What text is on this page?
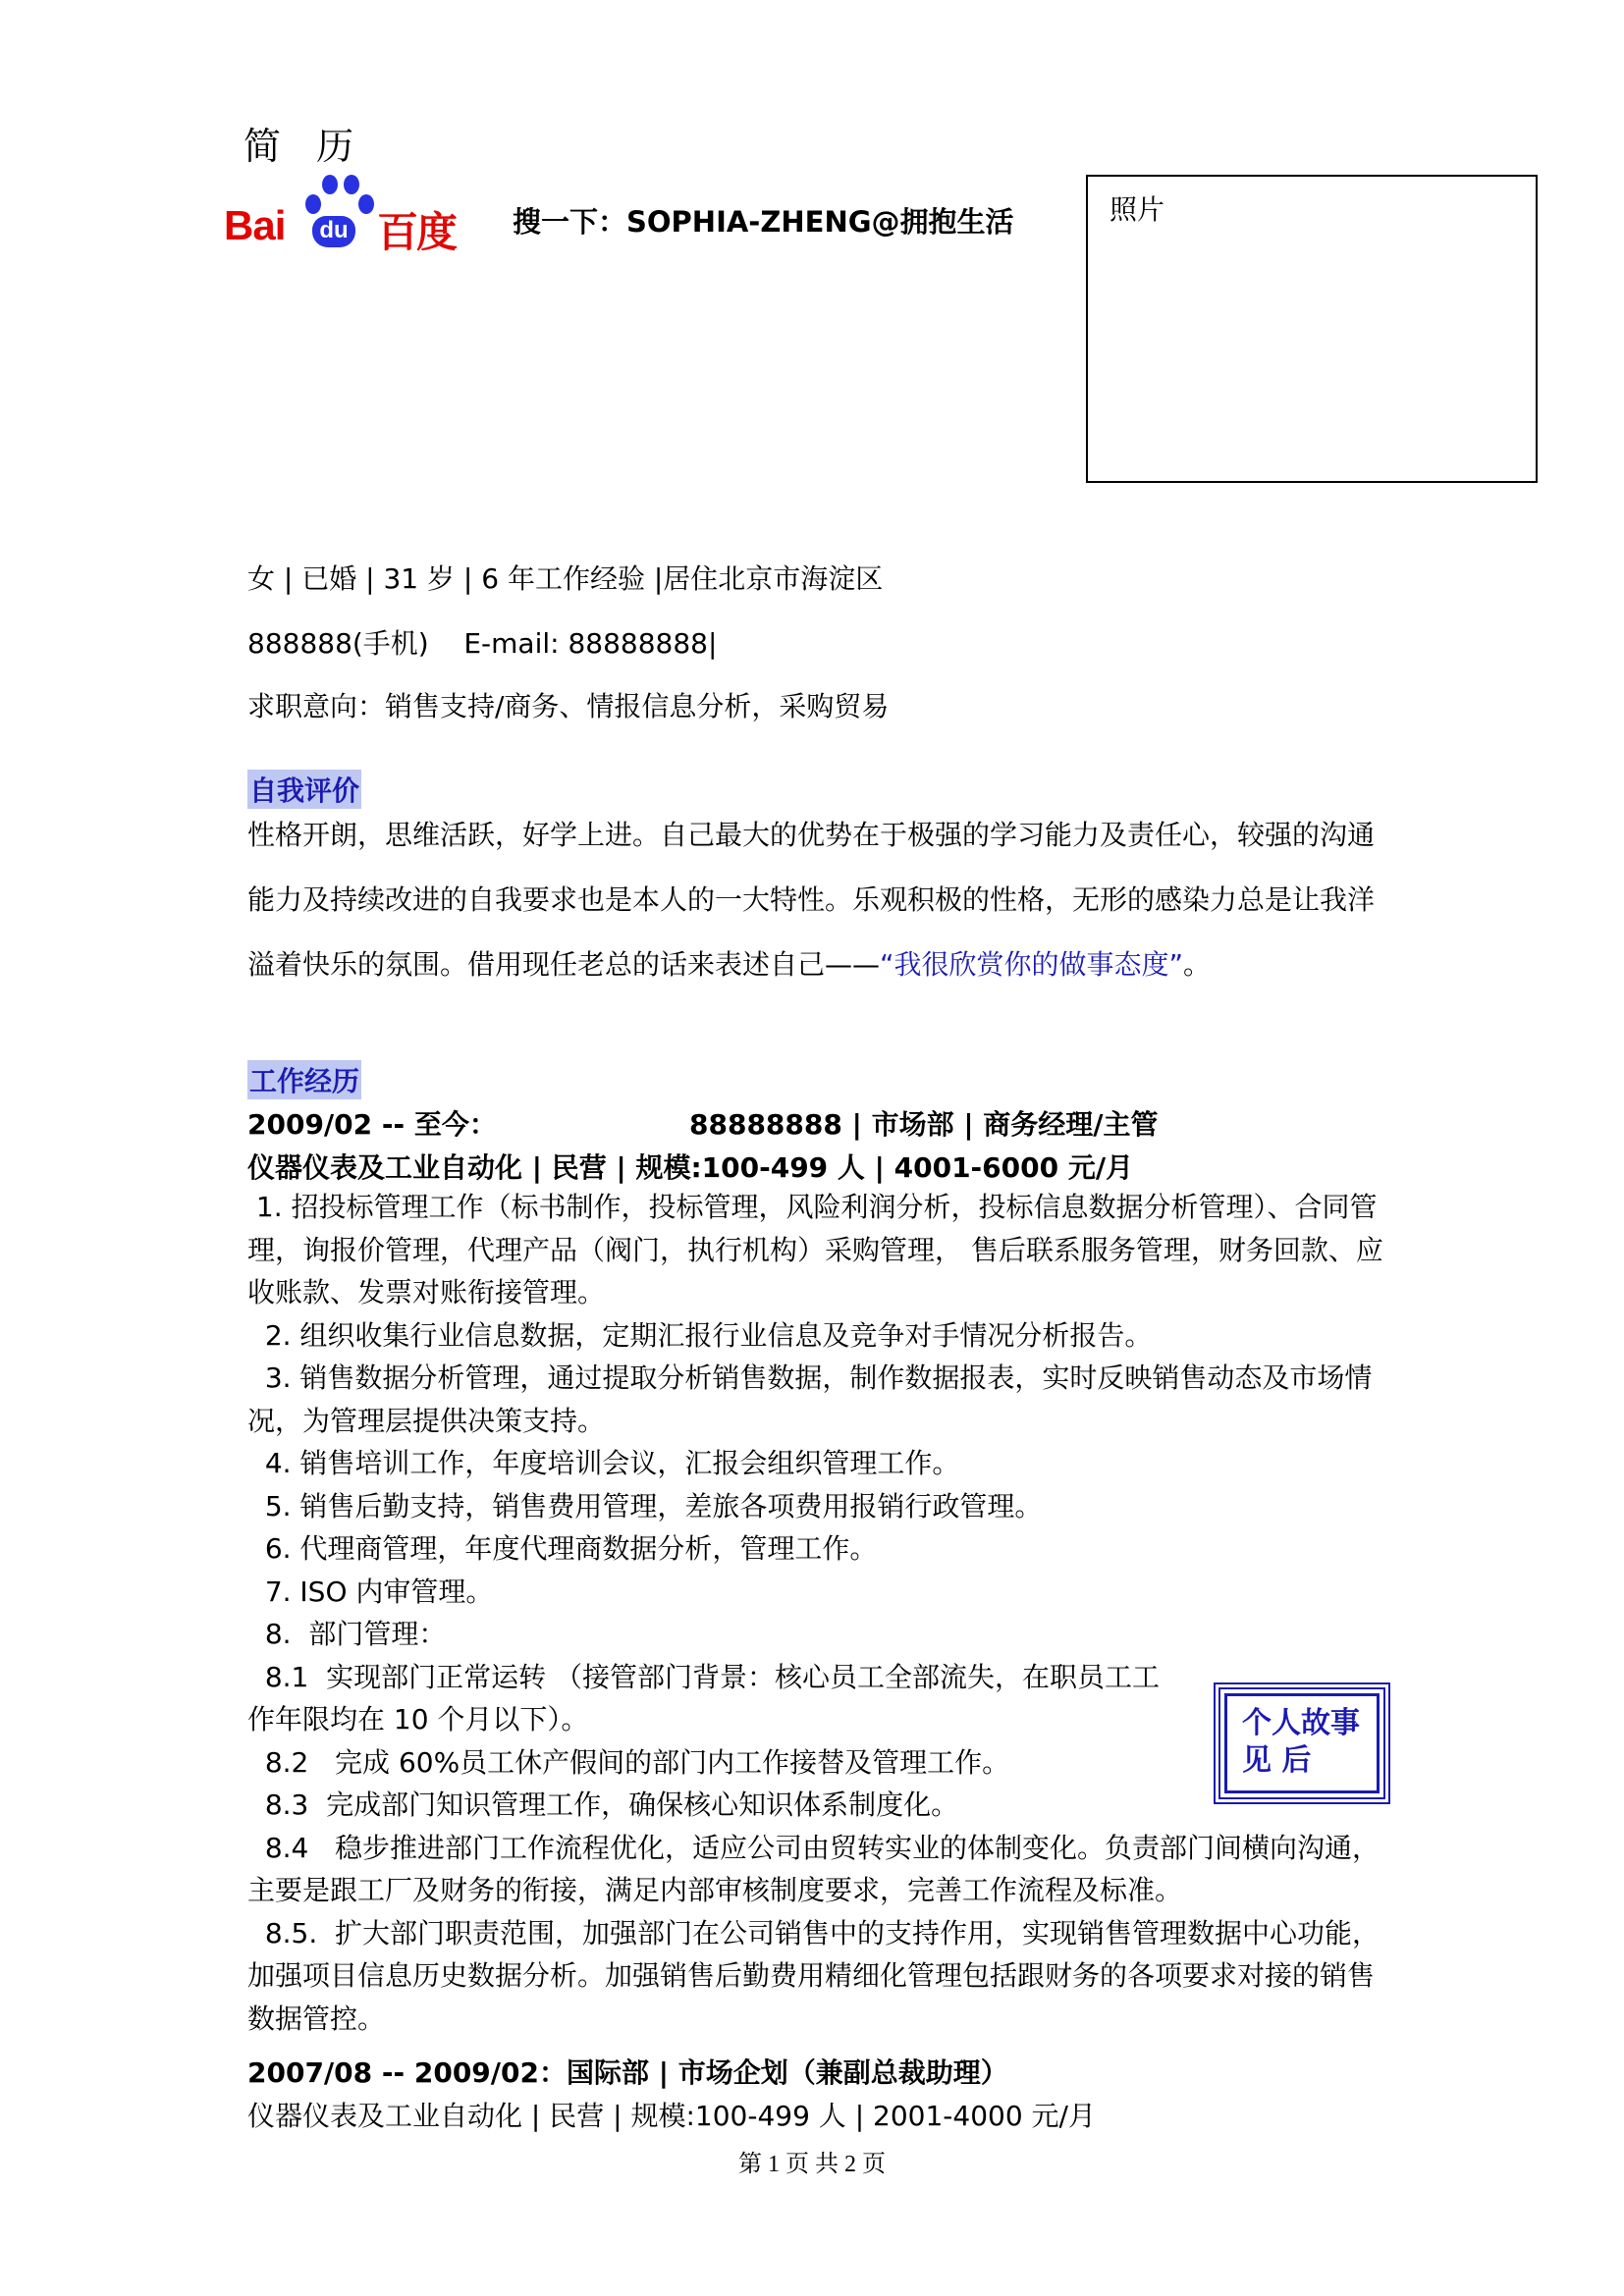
简 历
Bai	du 百度 搜一下：SOPHIA-ZHENG@拥抱生活	照片
女 | 已婚 | 31 岁 | 6 年工作经验 |居住北京市海淀区
888888(手机)    E-mail: 88888888|
求职意向：销售支持/商务、情报信息分析，采购贸易
自我评价
性格开朗，思维活跃，好学上进。自己最大的优势在于极强的学习能力及责任心，较强的沟通能力及持续改进的自我要求也是本人的一大特性。乐观积极的性格，无形的感染力总是让我洋溢着快乐的氛围。借用现任老总的话来表述自己——“我很欣赏你的做事态度”。
工作经历
2009/02 -- 至今：	88888888 | 市场部 | 商务经理/主管
仪器仪表及工业自动化 | 民营 | 规模:100-499 人 | 4001-6000 元/月

1. 招投标管理工作（标书制作，投标管理，风险利润分析，投标信息数据分析管理）、合同管理，询报价管理，代理产品（阀门，执行机构）采购管理， 售后联系服务管理，财务回款、应收账款、发票对账衔接管理。

2. 组织收集行业信息数据，定期汇报行业信息及竞争对手情况分析报告。

3. 销售数据分析管理，通过提取分析销售数据，制作数据报表，实时反映销售动态及市场情况，为管理层提供决策支持。

4. 销售培训工作，年度培训会议，汇报会组织管理工作。

5. 销售后勤支持，销售费用管理，差旅各项费用报销行政管理。

6. 代理商管理，年度代理商数据分析，管理工作。

7. ISO 内审管理。

8.  部门管理：

8.1  实现部门正常运转 （接管部门背景：核心员工全部流失，在职员工工作年限均在 10 个月以下）。

8.2   完成 60%员工休产假间的部门内工作接替及管理工作。

8.3  完成部门知识管理工作，确保核心知识体系制度化。

8.4   稳步推进部门工作流程优化，适应公司由贸转实业的体制变化。负责部门间横向沟通，主要是跟工厂及财务的衔接，满足内部审核制度要求，完善工作流程及标准。

8.5.  扩大部门职责范围，加强部门在公司销售中的支持作用，实现销售管理数据中心功能，加强项目信息历史数据分析。加强销售后勤费用精细化管理包括跟财务的各项要求对接的销售数据管控。

个人故事见 后
2007/08 -- 2009/02：国际部 | 市场企划（兼副总裁助理）
仪器仪表及工业自动化 | 民营 | 规模:100-499 人 | 2001-4000 元/月
第 1 页 共 2 页
